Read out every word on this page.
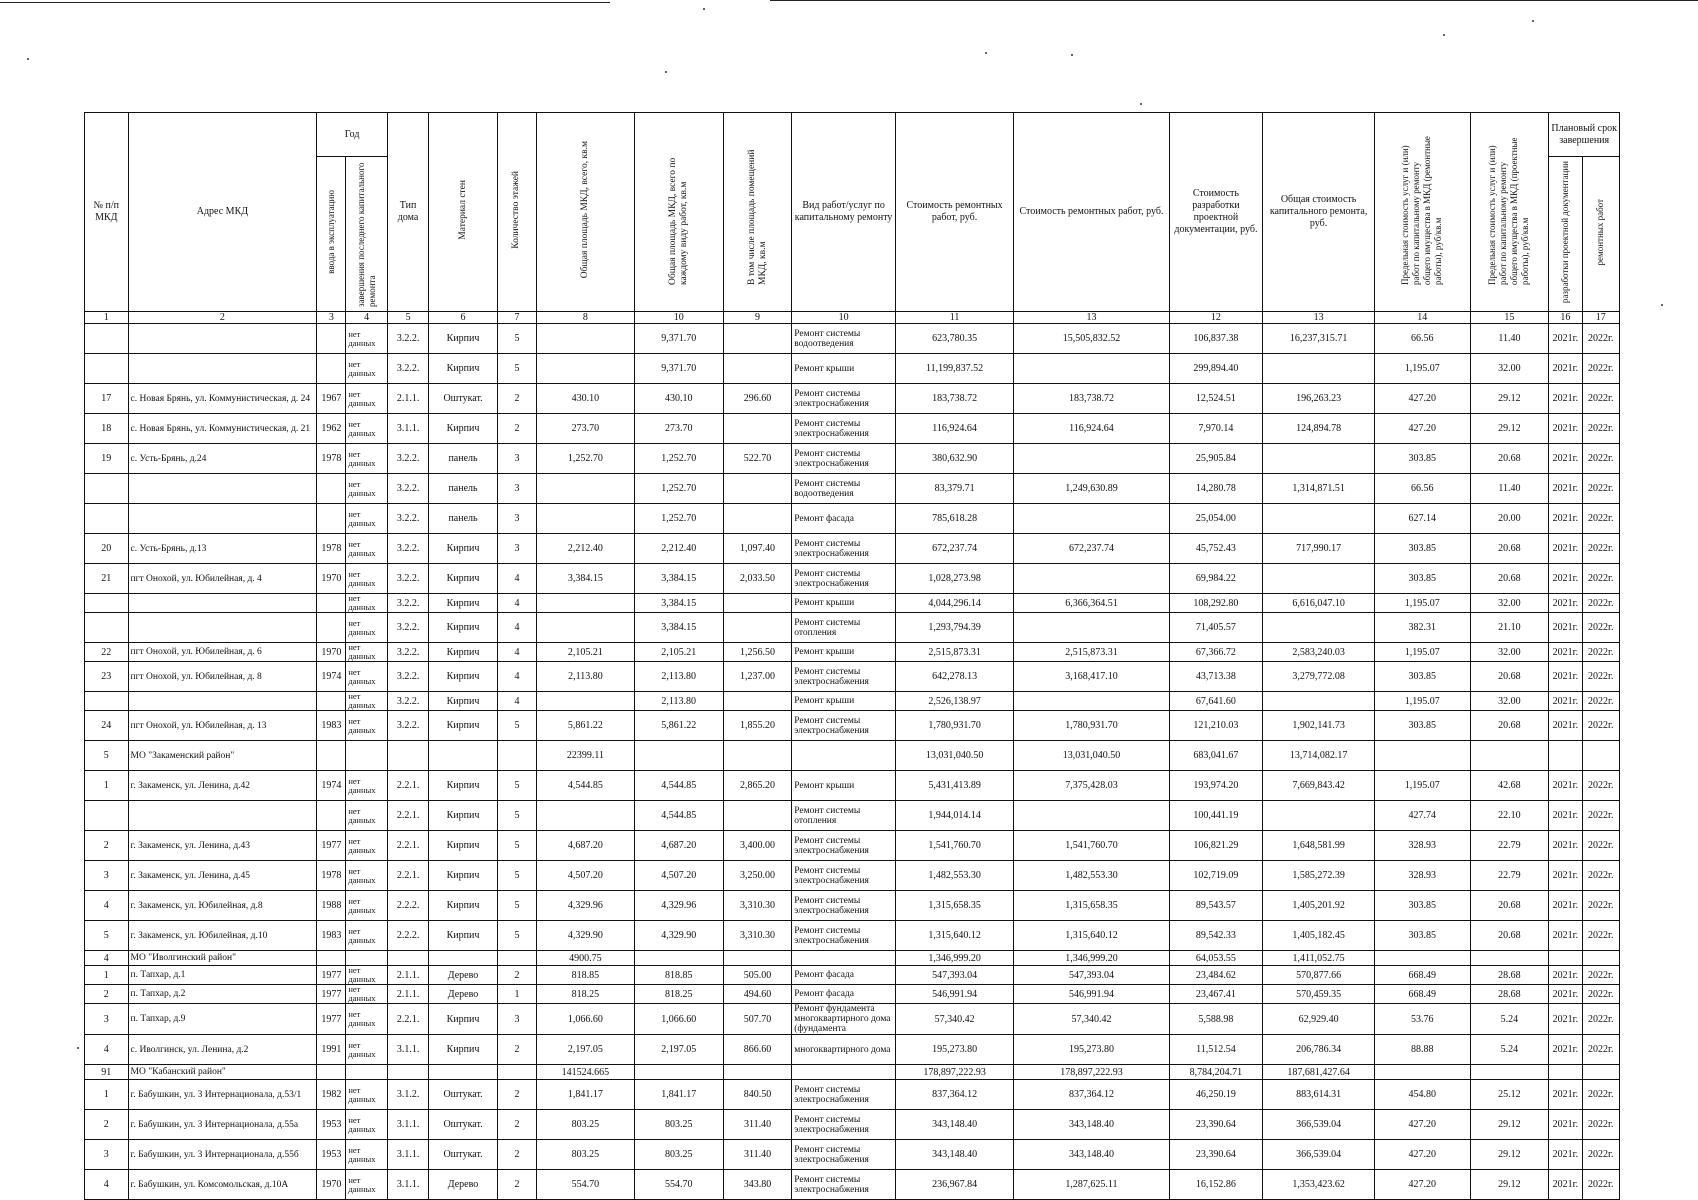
№ п/п МКД	Адрес МКД	Год		Тип дома	Материал стен	Количество этажей	Общая площадь МКД, всего, кв.м	Общая площадь МКД, всего по каждому виду работ, кв.м	В том числе площадь помещений МКД, кв.м	Вид работ/услуг по капитальному ремонту	Стоимость ремонтных работ, руб.	Стоимость ремонтных работ, руб.	Стоимость разработки проектной документации, руб.	Общая стоимость капитального ремонта, руб.	Предельная стоимость услуг и (или) работ по капитальному ремонту общего имущества в МКД (ремонтные работы), руб/кв.м	Предельная стоимость услуг и (или) работ по капитальному ремонту общего имущества в МКД (проектные работы), руб/кв.м	Плановый срок завершения	
		ввода в эксплуатацию	завершения последнего капитального ремонта														разработки проектной документации	ремонтных работ
1	2	3	4	5	6	7	8	10	9	10	11	13	12	13	14	15	16	17
			нет данных	3.2.2.	Кирпич	5		9,371.70		Ремонт системы водоотведения	623,780.35	15,505,832.52	106,837.38	16,237,315.71	66.56	11.40	2021г.	2022г.
			нет данных	3.2.2.	Кирпич	5		9,371.70		Ремонт крыши	11,199,837.52		299,894.40		1,195.07	32.00	2021г.	2022г.
17	с. Новая Брянь, ул. Коммунистическая, д. 24	1967	нет данных	2.1.1.	Оштукат.	2	430.10	430.10	296.60	Ремонт системы электроснабжения	183,738.72	183,738.72	12,524.51	196,263.23	427.20	29.12	2021г.	2022г.
18	с. Новая Брянь, ул. Коммунистическая, д. 21	1962	нет данных	3.1.1.	Кирпич	2	273.70	273.70		Ремонт системы электроснабжения	116,924.64	116,924.64	7,970.14	124,894.78	427.20	29.12	2021г.	2022г.
19	с. Усть-Брянь, д.24	1978	нет данных	3.2.2.	панель	3	1,252.70	1,252.70	522.70	Ремонт системы электроснабжения	380,632.90		25,905.84		303.85	20.68	2021г.	2022г.
			нет данных	3.2.2.	панель	3		1,252.70		Ремонт системы водоотведения	83,379.71	1,249,630.89	14,280.78	1,314,871.51	66.56	11.40	2021г.	2022г.
			нет данных	3.2.2.	панель	3		1,252.70		Ремонт фасада	785,618.28		25,054.00		627.14	20.00	2021г.	2022г.
20	с. Усть-Брянь, д.13	1978	нет данных	3.2.2.	Кирпич	3	2,212.40	2,212.40	1,097.40	Ремонт системы электроснабжения	672,237.74	672,237.74	45,752.43	717,990.17	303.85	20.68	2021г.	2022г.
21	пгт Онохой, ул. Юбилейная, д. 4	1970	нет данных	3.2.2.	Кирпич	4	3,384.15	3,384.15	2,033.50	Ремонт системы электроснабжения	1,028,273.98		69,984.22		303.85	20.68	2021г.	2022г.
			нет данных	3.2.2.	Кирпич	4		3,384.15		Ремонт крыши	4,044,296.14	6,366,364.51	108,292.80	6,616,047.10	1,195.07	32.00	2021г.	2022г.
			нет данных	3.2.2.	Кирпич	4		3,384.15		Ремонт системы отопления	1,293,794.39		71,405.57		382.31	21.10	2021г.	2022г.
22	пгт Онохой, ул. Юбилейная, д. 6	1970	нет данных	3.2.2.	Кирпич	4	2,105.21	2,105.21	1,256.50	Ремонт крыши	2,515,873.31	2,515,873.31	67,366.72	2,583,240.03	1,195.07	32.00	2021г.	2022г.
23	пгт Онохой, ул. Юбилейная, д. 8	1974	нет данных	3.2.2.	Кирпич	4	2,113.80	2,113.80	1,237.00	Ремонт системы электроснабжения	642,278.13	3,168,417.10	43,713.38	3,279,772.08	303.85	20.68	2021г.	2022г.
			нет данных	3.2.2.	Кирпич	4		2,113.80		Ремонт крыши	2,526,138.97		67,641.60		1,195.07	32.00	2021г.	2022г.
24	пгт Онохой, ул. Юбилейная, д. 13	1983	нет данных	3.2.2.	Кирпич	5	5,861.22	5,861.22	1,855.20	Ремонт системы электроснабжения	1,780,931.70	1,780,931.70	121,210.03	1,902,141.73	303.85	20.68	2021г.	2022г.
5	МО "Закаменский район"						22399.11				13,031,040.50	13,031,040.50	683,041.67	13,714,082.17				
1	г. Закаменск, ул. Ленина, д.42	1974	нет данных	2.2.1.	Кирпич	5	4,544.85	4,544.85	2,865.20	Ремонт крыши	5,431,413.89	7,375,428.03	193,974.20	7,669,843.42	1,195.07	42.68	2021г.	2022г.
			нет данных	2.2.1.	Кирпич	5		4,544.85		Ремонт системы отопления	1,944,014.14		100,441.19		427.74	22.10	2021г.	2022г.
2	г. Закаменск, ул. Ленина, д.43	1977	нет данных	2.2.1.	Кирпич	5	4,687.20	4,687.20	3,400.00	Ремонт системы электроснабжения	1,541,760.70	1,541,760.70	106,821.29	1,648,581.99	328.93	22.79	2021г.	2022г.
3	г. Закаменск, ул. Ленина, д.45	1978	нет данных	2.2.1.	Кирпич	5	4,507.20	4,507.20	3,250.00	Ремонт системы электроснабжения	1,482,553.30	1,482,553.30	102,719.09	1,585,272.39	328.93	22.79	2021г.	2022г.
4	г. Закаменск, ул. Юбилейная, д.8	1988	нет данных	2.2.2.	Кирпич	5	4,329.96	4,329.96	3,310.30	Ремонт системы электроснабжения	1,315,658.35	1,315,658.35	89,543.57	1,405,201.92	303.85	20.68	2021г.	2022г.
5	г. Закаменск, ул. Юбилейная, д.10	1983	нет данных	2.2.2.	Кирпич	5	4,329.90	4,329.90	3,310.30	Ремонт системы электроснабжения	1,315,640.12	1,315,640.12	89,542.33	1,405,182.45	303.85	20.68	2021г.	2022г.
4	МО "Иволгинский район"						4900.75				1,346,999.20	1,346,999.20	64,053.55	1,411,052.75				
1	п. Тапхар, д.1	1977	нет данных	2.1.1.	Дерево	2	818.85	818.85	505.00	Ремонт фасада	547,393.04	547,393.04	23,484.62	570,877.66	668.49	28.68	2021г.	2022г.
2	п. Тапхар, д.2	1977	нет данных	2.1.1.	Дерево	1	818.25	818.25	494.60	Ремонт фасада	546,991.94	546,991.94	23,467.41	570,459.35	668.49	28.68	2021г.	2022г.
3	п. Тапхар, д.9	1977	нет данных	2.2.1.	Кирпич	3	1,066.60	1,066.60	507.70	Ремонт фундамента многоквартирного дома (фундамента	57,340.42	57,340.42	5,588.98	62,929.40	53.76	5.24	2021г.	2022г.
4	с. Иволгинск, ул. Ленина, д.2	1991	нет данных	3.1.1.	Кирпич	2	2,197.05	2,197.05	866.60	многоквартирного дома	195,273.80	195,273.80	11,512.54	206,786.34	88.88	5.24	2021г.	2022г.
91	МО "Кабанский район"						141524.665				178,897,222.93	178,897,222.93	8,784,204.71	187,681,427.64				
1	г. Бабушкин, ул. 3 Интернационала, д.53/1	1982	нет данных	3.1.2.	Оштукат.	2	1,841.17	1,841.17	840.50	Ремонт системы электроснабжения	837,364.12	837,364.12	46,250.19	883,614.31	454.80	25.12	2021г.	2022г.
2	г. Бабушкин, ул. 3 Интернационала, д.55а	1953	нет данных	3.1.1.	Оштукат.	2	803.25	803.25	311.40	Ремонт системы электроснабжения	343,148.40	343,148.40	23,390.64	366,539.04	427.20	29.12	2021г.	2022г.
3	г. Бабушкин, ул. 3 Интернационала, д.55б	1953	нет данных	3.1.1.	Оштукат.	2	803.25	803.25	311.40	Ремонт системы электроснабжения	343,148.40	343,148.40	23,390.64	366,539.04	427.20	29.12	2021г.	2022г.
4	г. Бабушкин, ул. Комсомольская, д.10А	1970	нет данных	3.1.1.	Дерево	2	554.70	554.70	343.80	Ремонт системы электроснабжения	236,967.84	1,287,625.11	16,152.86	1,353,423.62	427.20	29.12	2021г.	2022г.
